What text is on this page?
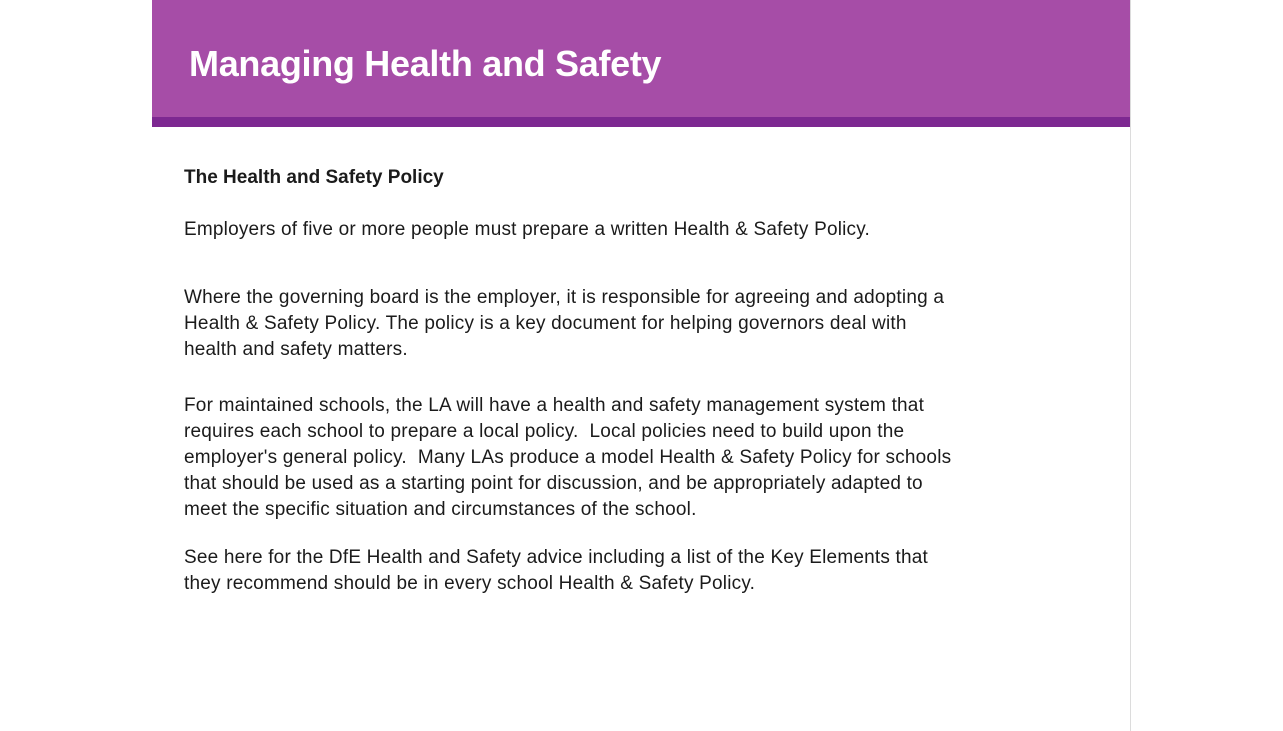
Managing Health and Safety
The Health and Safety Policy
Employers of five or more people must prepare a written Health & Safety Policy.
Where the governing board is the employer, it is responsible for agreeing and adopting a
Health & Safety Policy. The policy is a key document for helping governors deal with
health and safety matters.
For maintained schools, the LA will have a health and safety management system that
requires each school to prepare a local policy.  Local policies need to build upon the
employer's general policy.  Many LAs produce a model Health & Safety Policy for schools
that should be used as a starting point for discussion, and be appropriately adapted to
meet the specific situation and circumstances of the school.
See here for the DfE Health and Safety advice including a list of the Key Elements that
they recommend should be in every school Health & Safety Policy.
